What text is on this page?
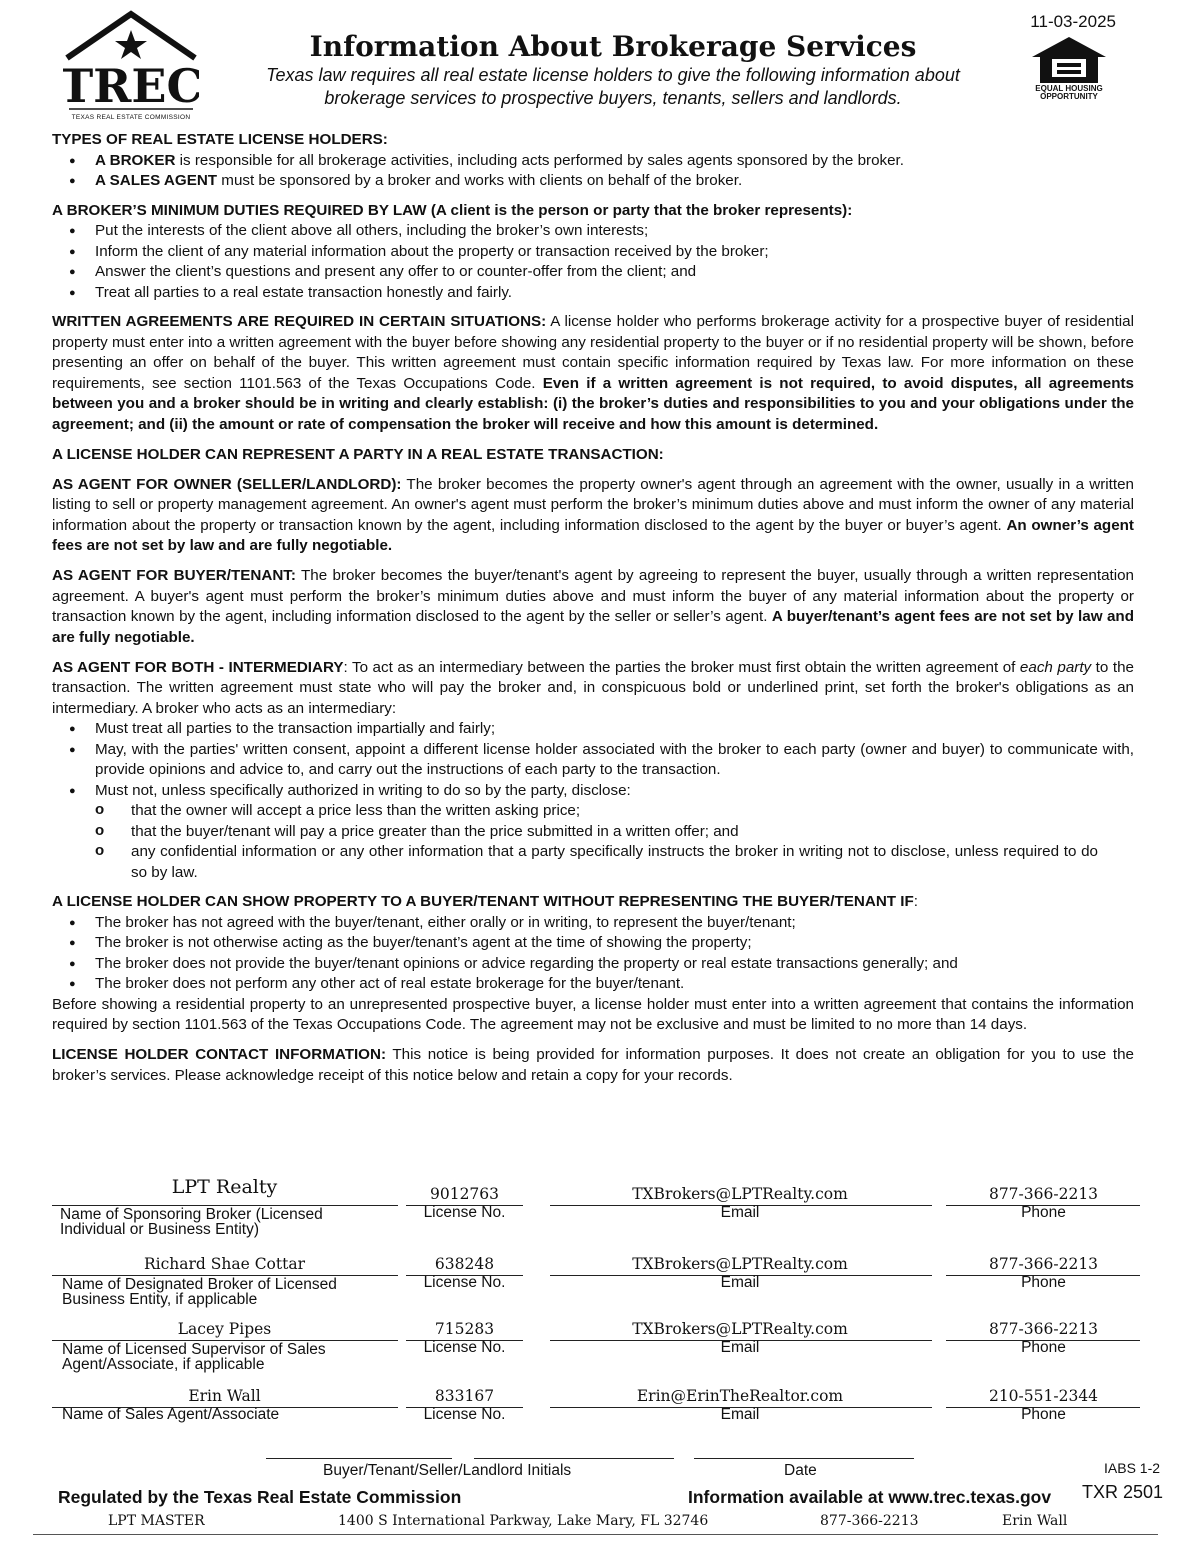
11-03-2025
TREC
TEXAS REAL ESTATE COMMISSION
Information About Brokerage Services
Texas law requires all real estate license holders to give the following information about
brokerage services to prospective buyers, tenants, sellers and landlords.	EQUAL HOUSING
OPPORTUNITY
TYPES OF REAL ESTATE LICENSE HOLDERS:
● A BROKER is responsible for all brokerage activities, including acts performed by sales agents sponsored by the broker.
● A SALES AGENT must be sponsored by a broker and works with clients on behalf of the broker.
A BROKER’S MINIMUM DUTIES REQUIRED BY LAW (A client is the person or party that the broker represents):
● Put the interests of the client above all others, including the broker’s own interests;
● Inform the client of any material information about the property or transaction received by the broker;
● Answer the client’s questions and present any offer to or counter-offer from the client; and
● Treat all parties to a real estate transaction honestly and fairly.

WRITTEN AGREEMENTS ARE REQUIRED IN CERTAIN SITUATIONS: A license holder who performs brokerage activity for a prospective buyer of residential property must enter into a written agreement with the buyer before showing any residential property to the buyer or if no residential property will be shown, before presenting an offer on behalf of the buyer. This written agreement must contain specific information required by Texas law. For more information on these requirements, see section 1101.563 of the Texas Occupations Code. Even if a written agreement is not required, to avoid disputes, all agreements between you and a broker should be in writing and clearly establish: (i) the broker’s duties and responsibilities to you and your obligations under the agreement; and (ii) the amount or rate of compensation the broker will receive and how this amount is determined.

A LICENSE HOLDER CAN REPRESENT A PARTY IN A REAL ESTATE TRANSACTION:

AS AGENT FOR OWNER (SELLER/LANDLORD): The broker becomes the property owner's agent through an agreement with the owner, usually in a written listing to sell or property management agreement. An owner's agent must perform the broker’s minimum duties above and must inform the owner of any material information about the property or transaction known by the agent, including information disclosed to the agent by the buyer or buyer’s agent. An owner’s agent fees are not set by law and are fully negotiable.

AS AGENT FOR BUYER/TENANT: The broker becomes the buyer/tenant's agent by agreeing to represent the buyer, usually through a written representation agreement. A buyer's agent must perform the broker’s minimum duties above and must inform the buyer of any material information about the property or transaction known by the agent, including information disclosed to the agent by the seller or seller’s agent. A buyer/tenant’s agent fees are not set by law and are fully negotiable.

AS AGENT FOR BOTH - INTERMEDIARY: To act as an intermediary between the parties the broker must first obtain the written agreement of each party to the transaction. The written agreement must state who will pay the broker and, in conspicuous bold or underlined print, set forth the broker's obligations as an intermediary. A broker who acts as an intermediary:

● Must treat all parties to the transaction impartially and fairly;
● May, with the parties' written consent, appoint a different license holder associated with the broker to each party (owner and buyer) to communicate with, provide opinions and advice to, and carry out the instructions of each party to the transaction.
● Must not, unless specifically authorized in writing to do so by the party, disclose:
o that the owner will accept a price less than the written asking price;
o that the buyer/tenant will pay a price greater than the price submitted in a written offer; and
o any confidential information or any other information that a party specifically instructs the broker in writing not to disclose, unless required to do so by law.
A LICENSE HOLDER CAN SHOW PROPERTY TO A BUYER/TENANT WITHOUT REPRESENTING THE BUYER/TENANT IF:
● The broker has not agreed with the buyer/tenant, either orally or in writing, to represent the buyer/tenant;
● The broker is not otherwise acting as the buyer/tenant’s agent at the time of showing the property;
● The broker does not provide the buyer/tenant opinions or advice regarding the property or real estate transactions generally; and
● The broker does not perform any other act of real estate brokerage for the buyer/tenant.

Before showing a residential property to an unrepresented prospective buyer, a license holder must enter into a written agreement that contains the information required by section 1101.563 of the Texas Occupations Code. The agreement may not be exclusive and must be limited to no more than 14 days.

LICENSE HOLDER CONTACT INFORMATION: This notice is being provided for information purposes. It does not create an obligation for you to use the broker’s services. Please acknowledge receipt of this notice below and retain a copy for your records.

LPT Realty	9012763	TXBrokers@LPTRealty.com	877-366-2213
Name of Sponsoring Broker (Licensed
Individual or Business Entity)
License No.	Email	Phone
Richard Shae Cottar	638248	TXBrokers@LPTRealty.com	877-366-2213
Name of Designated Broker of Licensed
Business Entity, if applicable
License No.	Email	Phone
Lacey Pipes	715283	TXBrokers@LPTRealty.com	877-366-2213
Name of Licensed Supervisor of Sales
Agent/Associate, if applicable
License No.	Email	Phone
Erin Wall	833167	Erin@ErinTheRealtor.com	210-551-2344
Name of Sales Agent/Associate	License No.	Email	Phone
Buyer/Tenant/Seller/Landlord Initials	Date	IABS 1-2
Regulated by the Texas Real Estate Commission	Information available at www.trec.texas.gov TXR 2501
LPT MASTER	1400 S International Parkway, Lake Mary, FL 32746	877-366-2213	Erin Wall
